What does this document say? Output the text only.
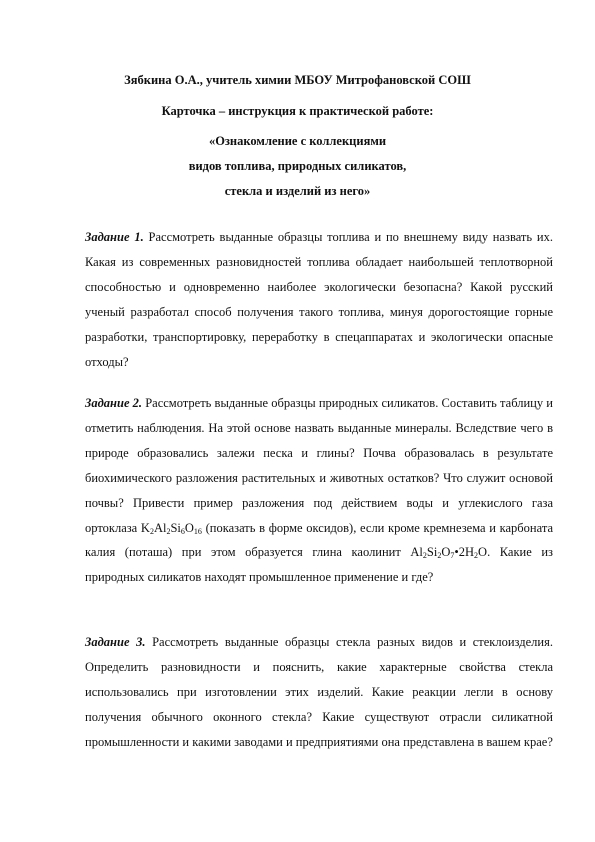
Зябкина О.А., учитель химии МБОУ Митрофановской СОШ
Карточка – инструкция к практической работе:
«Ознакомление с коллекциями
видов топлива, природных силикатов,
стекла и изделий из него»
Задание 1. Рассмотреть выданные образцы топлива и по внешнему виду назвать их. Какая из современных разновидностей топлива обладает наибольшей теплотворной способностью и одновременно наиболее экологически безопасна? Какой русский ученый разработал способ получения такого топлива, минуя дорогостоящие горные разработки, транспортировку, переработку в спецаппаратах и экологически опасные отходы?
Задание 2. Рассмотреть выданные образцы природных силикатов. Составить таблицу и отметить наблюдения. На этой основе назвать выданные минералы. Вследствие чего в природе образовались залежи песка и глины? Почва образовалась в результате биохимического разложения растительных и животных остатков? Что служит основой почвы? Привести пример разложения под действием воды и углекислого газа ортоклаза $K_2Al_2Si_6O_{16}$ (показать в форме оксидов), если кроме кремнезема и карбоната калия (поташа) при этом образуется глина каолинит $Al_2Si_2O_7•2H_2O$. Какие из природных силикатов находят промышленное применение и где?
Задание 3. Рассмотреть выданные образцы стекла разных видов и стеклоизделия. Определить разновидности и пояснить, какие характерные свойства стекла использовались при изготовлении этих изделий. Какие реакции легли в основу получения обычного оконного стекла? Какие существуют отрасли силикатной промышленности и какими заводами и предприятиями она представлена в вашем крае?
